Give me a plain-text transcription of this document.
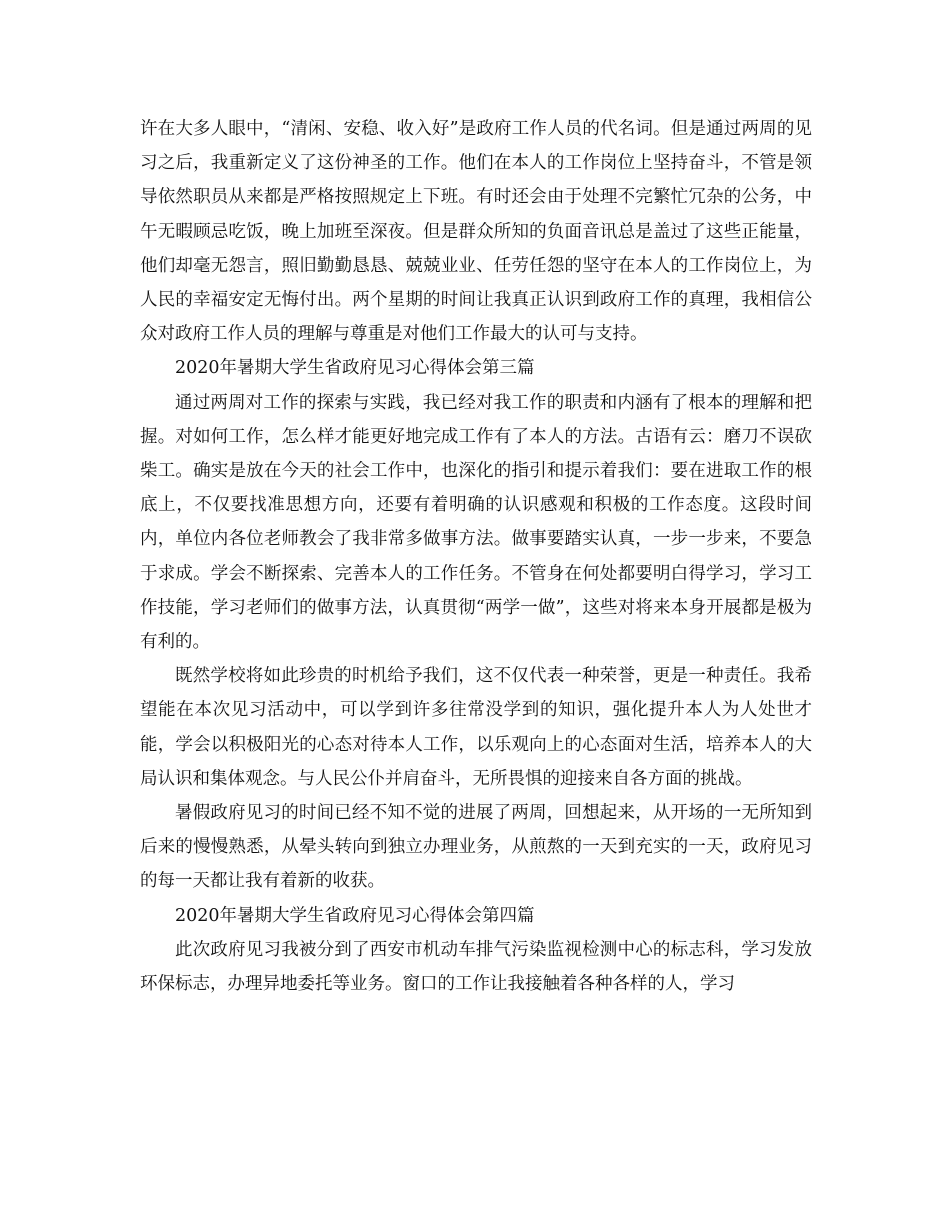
许在大多人眼中，“清闲、安稳、收入好”是政府工作人员的代名词。但是通过两周的见习之后，我重新定义了这份神圣的工作。他们在本人的工作岗位上坚持奋斗，不管是领导依然职员从来都是严格按照规定上下班。有时还会由于处理不完繁忙冗杂的公务，中午无暇顾忌吃饭，晚上加班至深夜。但是群众所知的负面音讯总是盖过了这些正能量，他们却毫无怨言，照旧勤勤恳恳、兢兢业业、任劳任怨的坚守在本人的工作岗位上，为人民的幸福安定无悔付出。两个星期的时间让我真正认识到政府工作的真理，我相信公众对政府工作人员的理解与尊重是对他们工作最大的认可与支持。

2020年暑期大学生省政府见习心得体会第三篇

通过两周对工作的探索与实践，我已经对我工作的职责和内涵有了根本的理解和把握。对如何工作，怎么样才能更好地完成工作有了本人的方法。古语有云：磨刀不误砍柴工。确实是放在今天的社会工作中，也深化的指引和提示着我们：要在进取工作的根底上，不仅要找准思想方向，还要有着明确的认识感观和积极的工作态度。这段时间内，单位内各位老师教会了我非常多做事方法。做事要踏实认真，一步一步来，不要急于求成。学会不断探索、完善本人的工作任务。不管身在何处都要明白得学习，学习工作技能，学习老师们的做事方法，认真贯彻“两学一做”，这些对将来本身开展都是极为有利的。

既然学校将如此珍贵的时机给予我们，这不仅代表一种荣誉，更是一种责任。我希望能在本次见习活动中，可以学到许多往常没学到的知识，强化提升本人为人处世才能，学会以积极阳光的心态对待本人工作，以乐观向上的心态面对生活，培养本人的大局认识和集体观念。与人民公仆并肩奋斗，无所畏惧的迎接来自各方面的挑战。

暑假政府见习的时间已经不知不觉的进展了两周，回想起来，从开场的一无所知到后来的慢慢熟悉，从晕头转向到独立办理业务，从煎熬的一天到充实的一天，政府见习的每一天都让我有着新的收获。

2020年暑期大学生省政府见习心得体会第四篇

此次政府见习我被分到了西安市机动车排气污染监视检测中心的标志科，学习发放环保标志，办理异地委托等业务。窗口的工作让我接触着各种各样的人，学习
